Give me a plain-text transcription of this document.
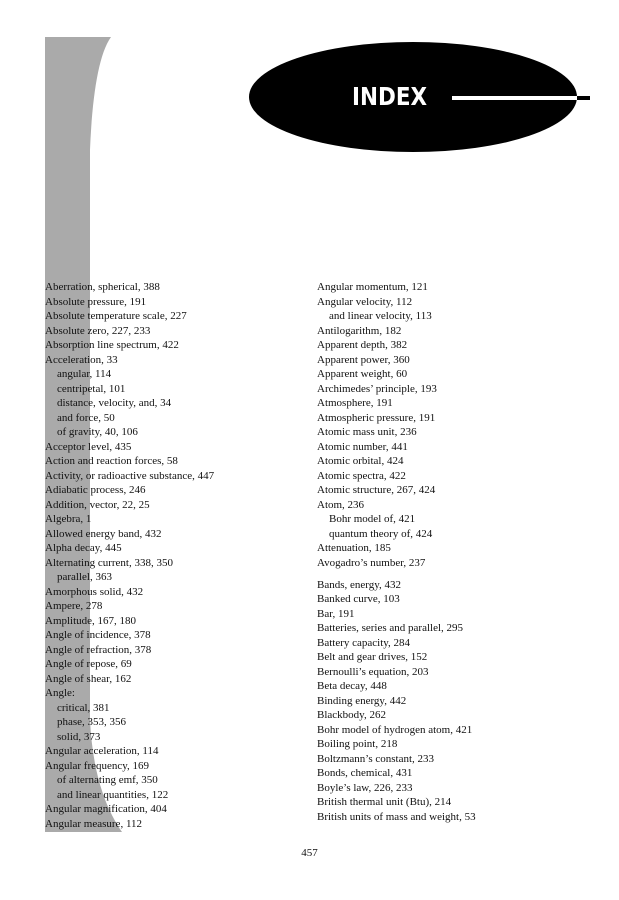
INDEX
Aberration, spherical, 388
Absolute pressure, 191
Absolute temperature scale, 227
Absolute zero, 227, 233
Absorption line spectrum, 422
Acceleration, 33
angular, 114
centripetal, 101
distance, velocity, and, 34
and force, 50
of gravity, 40, 106
Acceptor level, 435
Action and reaction forces, 58
Activity, or radioactive substance, 447
Adiabatic process, 246
Addition, vector, 22, 25
Algebra, 1
Allowed energy band, 432
Alpha decay, 445
Alternating current, 338, 350
parallel, 363
Amorphous solid, 432
Ampere, 278
Amplitude, 167, 180
Angle of incidence, 378
Angle of refraction, 378
Angle of repose, 69
Angle of shear, 162
Angle:
critical, 381
phase, 353, 356
solid, 373
Angular acceleration, 114
Angular frequency, 169
of alternating emf, 350
and linear quantities, 122
Angular magnification, 404
Angular measure, 112
Angular momentum, 121
Angular velocity, 112
and linear velocity, 113
Antilogarithm, 182
Apparent depth, 382
Apparent power, 360
Apparent weight, 60
Archimedes’ principle, 193
Atmosphere, 191
Atmospheric pressure, 191
Atomic mass unit, 236
Atomic number, 441
Atomic orbital, 424
Atomic spectra, 422
Atomic structure, 267, 424
Atom, 236
Bohr model of, 421
quantum theory of, 424
Attenuation, 185
Avogadro’s number, 237
Bands, energy, 432
Banked curve, 103
Bar, 191
Batteries, series and parallel, 295
Battery capacity, 284
Belt and gear drives, 152
Bernoulli’s equation, 203
Beta decay, 448
Binding energy, 442
Blackbody, 262
Bohr model of hydrogen atom, 421
Boiling point, 218
Boltzmann’s constant, 233
Bonds, chemical, 431
Boyle’s law, 226, 233
British thermal unit (Btu), 214
British units of mass and weight, 53
457
